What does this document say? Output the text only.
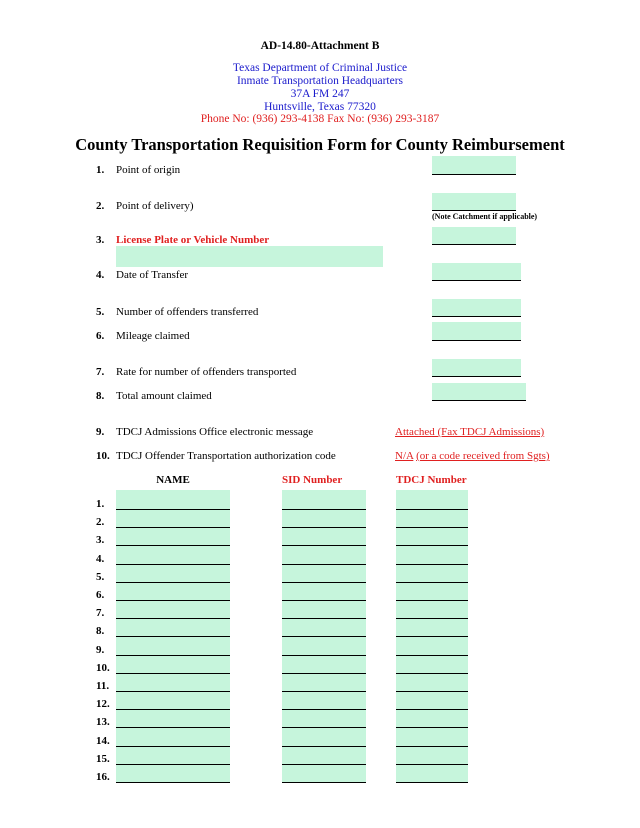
AD-14.80-Attachment B
Texas Department of Criminal Justice
Inmate Transportation Headquarters
37A FM 247
Huntsville, Texas 77320
Phone No: (936) 293-4138 Fax No: (936) 293-3187
County Transportation Requisition Form for County Reimbursement
1. Point of origin
2. Point of delivery)
(Note Catchment if applicable)
3. License Plate or Vehicle Number
4. Date of Transfer
5. Number of offenders transferred
6. Mileage claimed
7. Rate for number of offenders transported
8. Total amount claimed
9. TDCJ Admissions Office electronic message	Attached (Fax TDCJ Admissions)
10. TDCJ Offender Transportation authorization code	N/A (or a code received from Sgts)
NAME	SID Number	TDCJ Number
1.
2.
3.
4.
5.
6.
7.
8.
9.
10.
11.
12.
13.
14.
15.
16.
